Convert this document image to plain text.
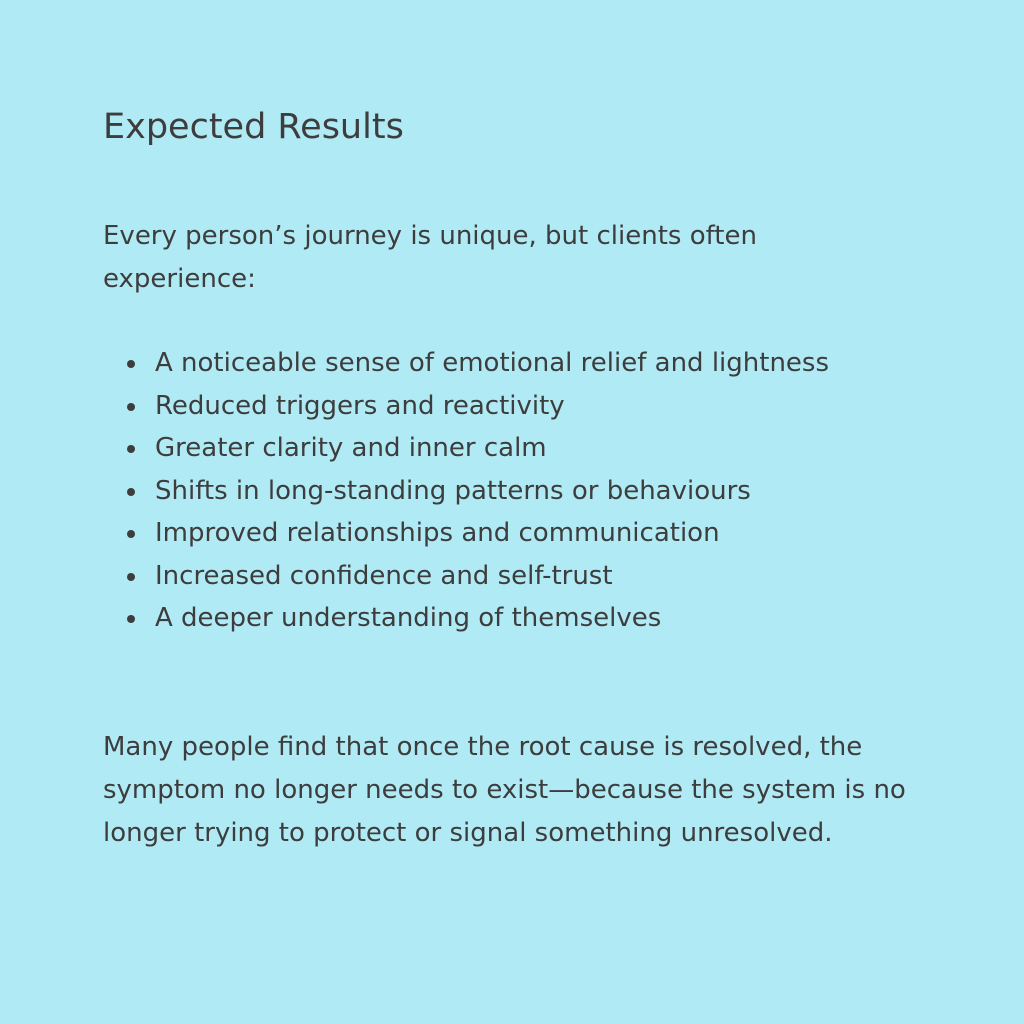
Expected Results

Every person’s journey is unique, but clients often experience:

A noticeable sense of emotional relief and lightness
Reduced triggers and reactivity
Greater clarity and inner calm
Shifts in long-standing patterns or behaviours
Improved relationships and communication
Increased confidence and self-trust
A deeper understanding of themselves

Many people find that once the root cause is resolved, the symptom no longer needs to exist—because the system is no longer trying to protect or signal something unresolved.
